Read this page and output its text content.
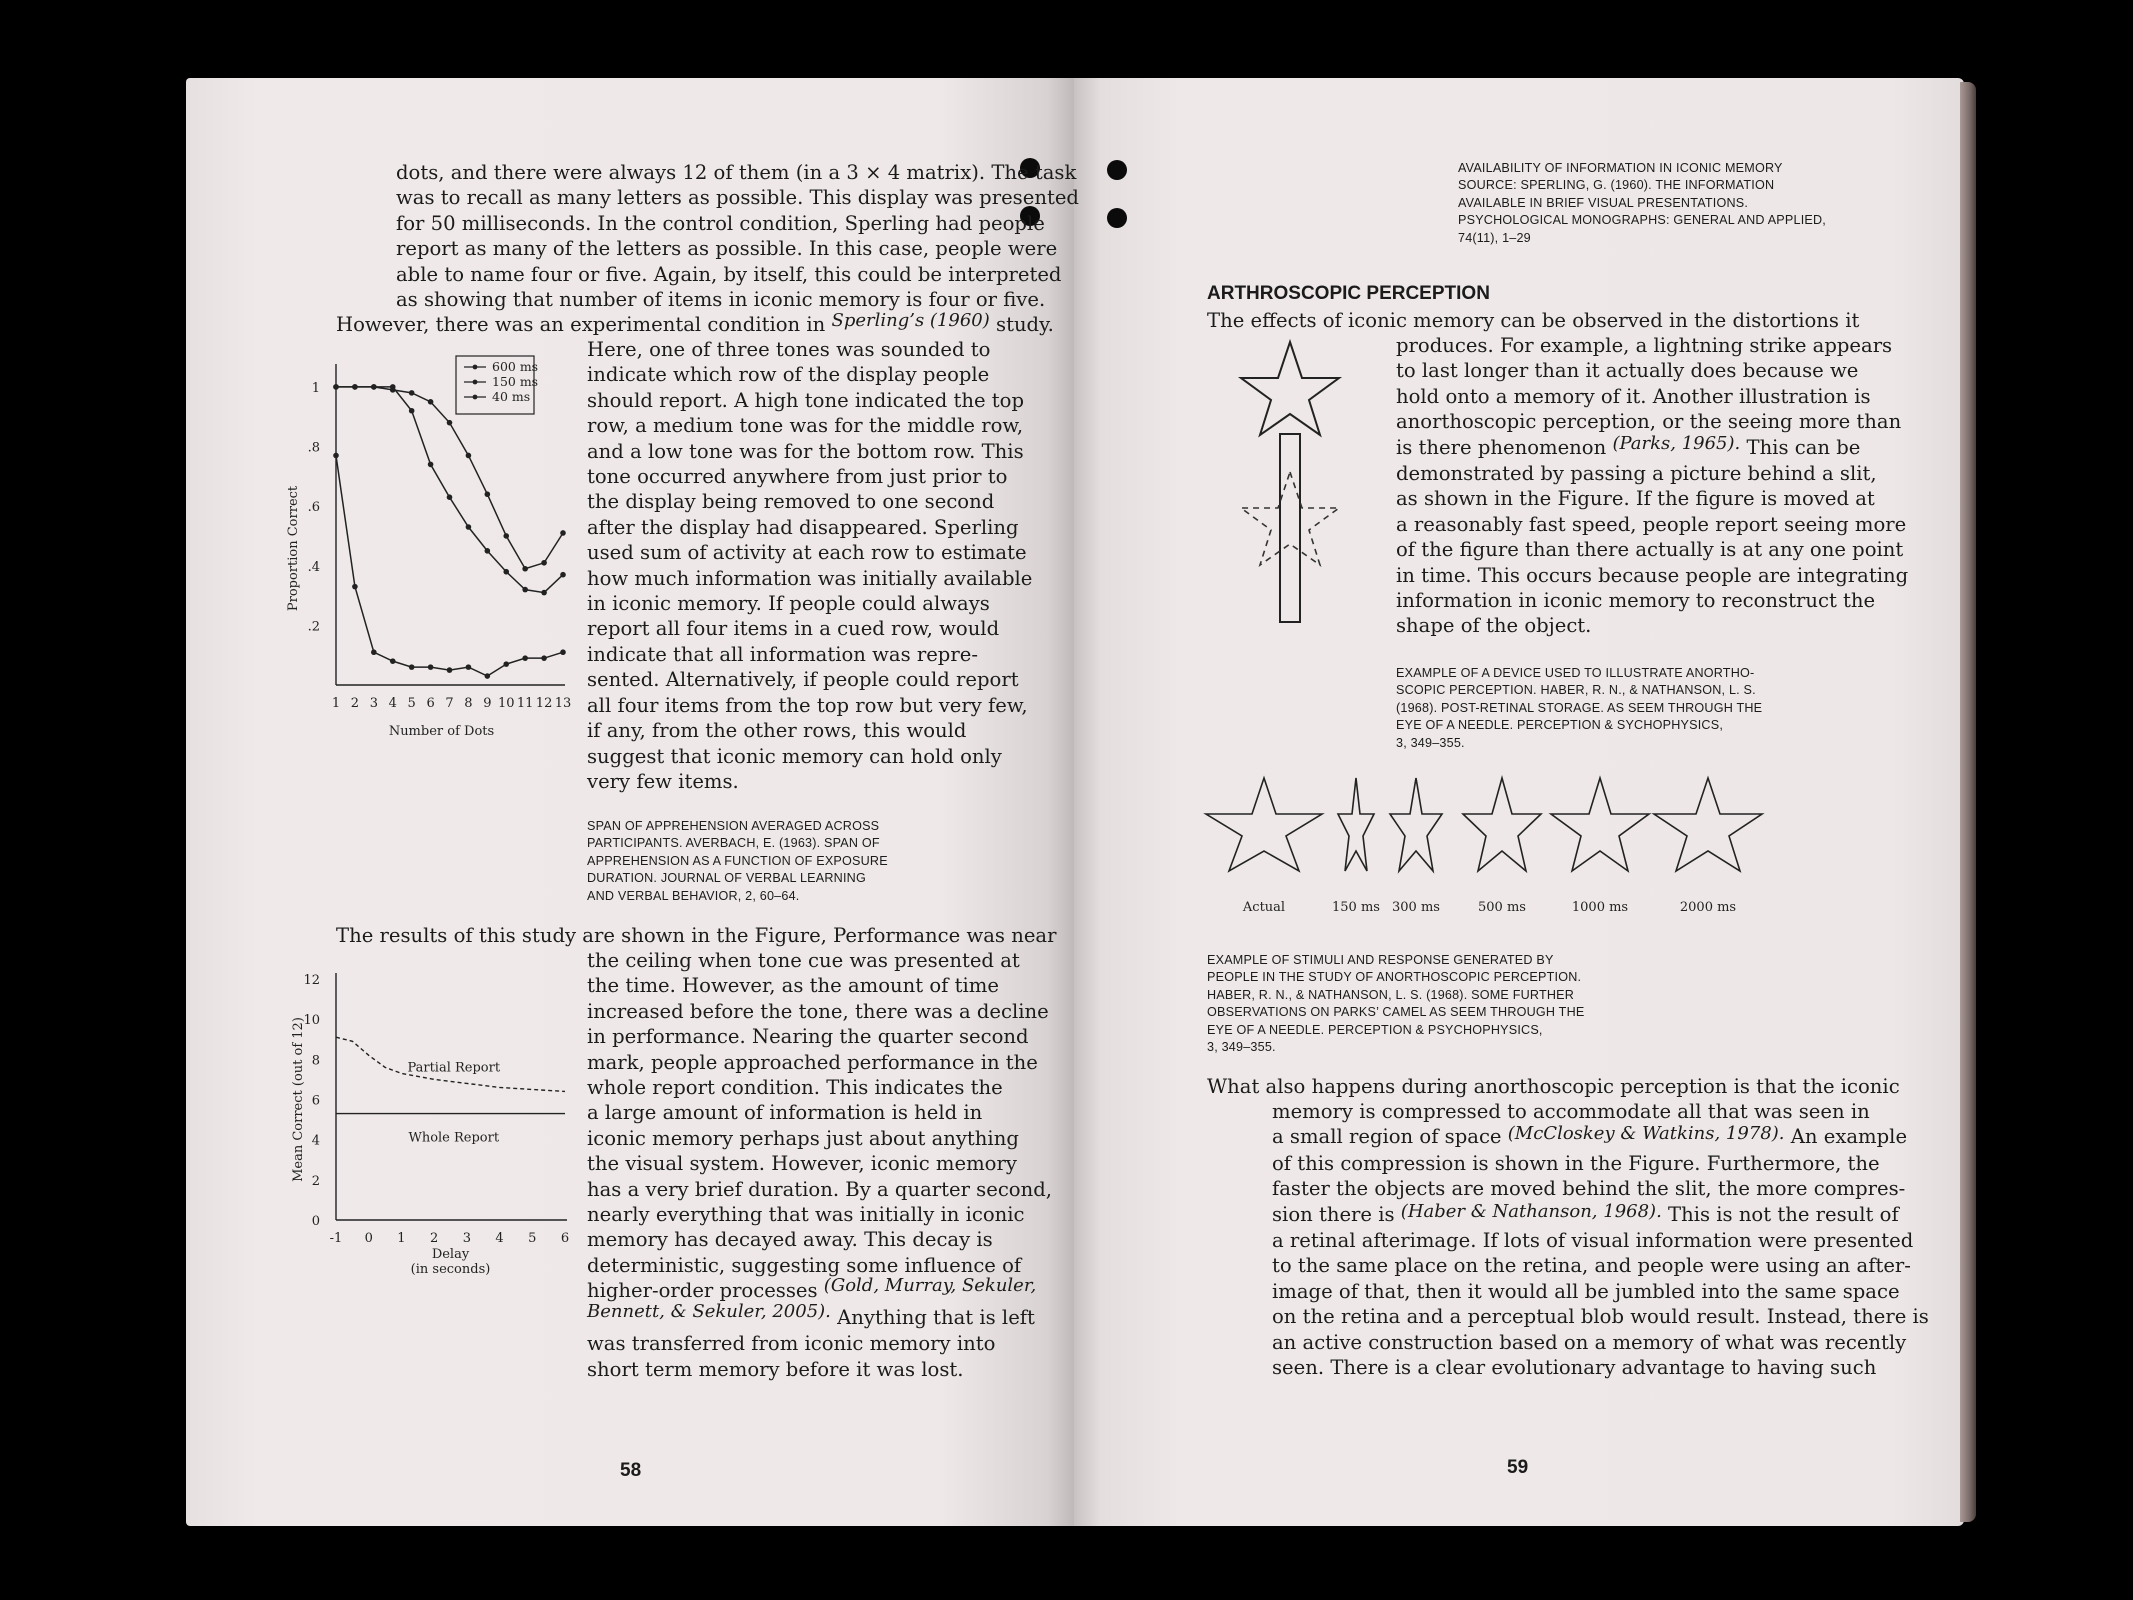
dots, and there were always 12 of them (in a 3 × 4 matrix). The task
was to recall as many letters as possible. This display was presented
for 50 milliseconds. In the control condition, Sperling had people
report as many of the letters as possible. In this case, people were
able to name four or five. Again, by itself, this could be interpreted
as showing that number of items in iconic memory is four or five.
However, there was an experimental condition in Sperling’s (1960) study.
Here, one of three tones was sounded to
indicate which row of the display people
should report. A high tone indicated the top
row, a medium tone was for the middle row,
and a low tone was for the bottom row. This
tone occurred anywhere from just prior to
the display being removed to one second
after the display had disappeared. Sperling
used sum of activity at each row to estimate
how much information was initially available
in iconic memory. If people could always
report all four items in a cued row, would
indicate that all information was repre-
sented. Alternatively, if people could report
all four items from the top row but very few,
if any, from the other rows, this would
suggest that iconic memory can hold only
very few items.
SPAN OF APPREHENSION AVERAGED ACROSS
PARTICIPANTS. AVERBACH, E. (1963). SPAN OF
APPREHENSION AS A FUNCTION OF EXPOSURE
DURATION. JOURNAL OF VERBAL LEARNING
AND VERBAL BEHAVIOR, 2, 60–64.
The results of this study are shown in the Figure, Performance was near
the ceiling when tone cue was presented at
the time. However, as the amount of time
increased before the tone, there was a decline
in performance. Nearing the quarter second
mark, people approached performance in the
whole report condition. This indicates the
a large amount of information is held in
iconic memory perhaps just about anything
the visual system. However, iconic memory
has a very brief duration. By a quarter second,
nearly everything that was initially in iconic
memory has decayed away. This decay is
deterministic, suggesting some influence of
higher-order processes (Gold, Murray, Sekuler,
Bennett, & Sekuler, 2005). Anything that is left
was transferred from iconic memory into
short term memory before it was lost.
58
1
.8
.6
.4
.2
1 2 3 4 5 6 7 8 9 10 11 12 13
Number of Dots
Proportion Correct
600 ms
150 ms
40 ms
0
2
4
6
8
10
12
-1 0 1 2 3 4 5 6
Delay
(in seconds)
Mean Correct (out of 12)	Partial Report
Whole Report
AVAILABILITY OF INFORMATION IN ICONIC MEMORY
SOURCE: SPERLING, G. (1960). THE INFORMATION
AVAILABLE IN BRIEF VISUAL PRESENTATIONS.
PSYCHOLOGICAL MONOGRAPHS: GENERAL AND APPLIED,
74(11), 1–29
ARTHROSCOPIC PERCEPTION
The effects of iconic memory can be observed in the distortions it
produces. For example, a lightning strike appears
to last longer than it actually does because we
hold onto a memory of it. Another illustration is
anorthoscopic perception, or the seeing more than
is there phenomenon (Parks, 1965). This can be
demonstrated by passing a picture behind a slit,
as shown in the Figure. If the figure is moved at
a reasonably fast speed, people report seeing more
of the figure than there actually is at any one point
in time. This occurs because people are integrating
information in iconic memory to reconstruct the
shape of the object.
EXAMPLE OF A DEVICE USED TO ILLUSTRATE ANORTHO-
SCOPIC PERCEPTION. HABER, R. N., & NATHANSON, L. S.
(1968). POST-RETINAL STORAGE. AS SEEM THROUGH THE
EYE OF A NEEDLE. PERCEPTION & SYCHOPHYSICS,
3, 349–355.
Actual	150 ms 300 ms	500 ms	1000 ms	2000 ms
EXAMPLE OF STIMULI AND RESPONSE GENERATED BY
PEOPLE IN THE STUDY OF ANORTHOSCOPIC PERCEPTION.
HABER, R. N., & NATHANSON, L. S. (1968). SOME FURTHER
OBSERVATIONS ON PARKS’ CAMEL AS SEEM THROUGH THE
EYE OF A NEEDLE. PERCEPTION & PSYCHOPHYSICS,
3, 349–355.
What also happens during anorthoscopic perception is that the iconic
memory is compressed to accommodate all that was seen in
a small region of space (McCloskey & Watkins, 1978). An example
of this compression is shown in the Figure. Furthermore, the
faster the objects are moved behind the slit, the more compres-
sion there is (Haber & Nathanson, 1968). This is not the result of
a retinal afterimage. If lots of visual information were presented
to the same place on the retina, and people were using an after-
image of that, then it would all be jumbled into the same space
on the retina and a perceptual blob would result. Instead, there is
an active construction based on a memory of what was recently
seen. There is a clear evolutionary advantage to having such
59
